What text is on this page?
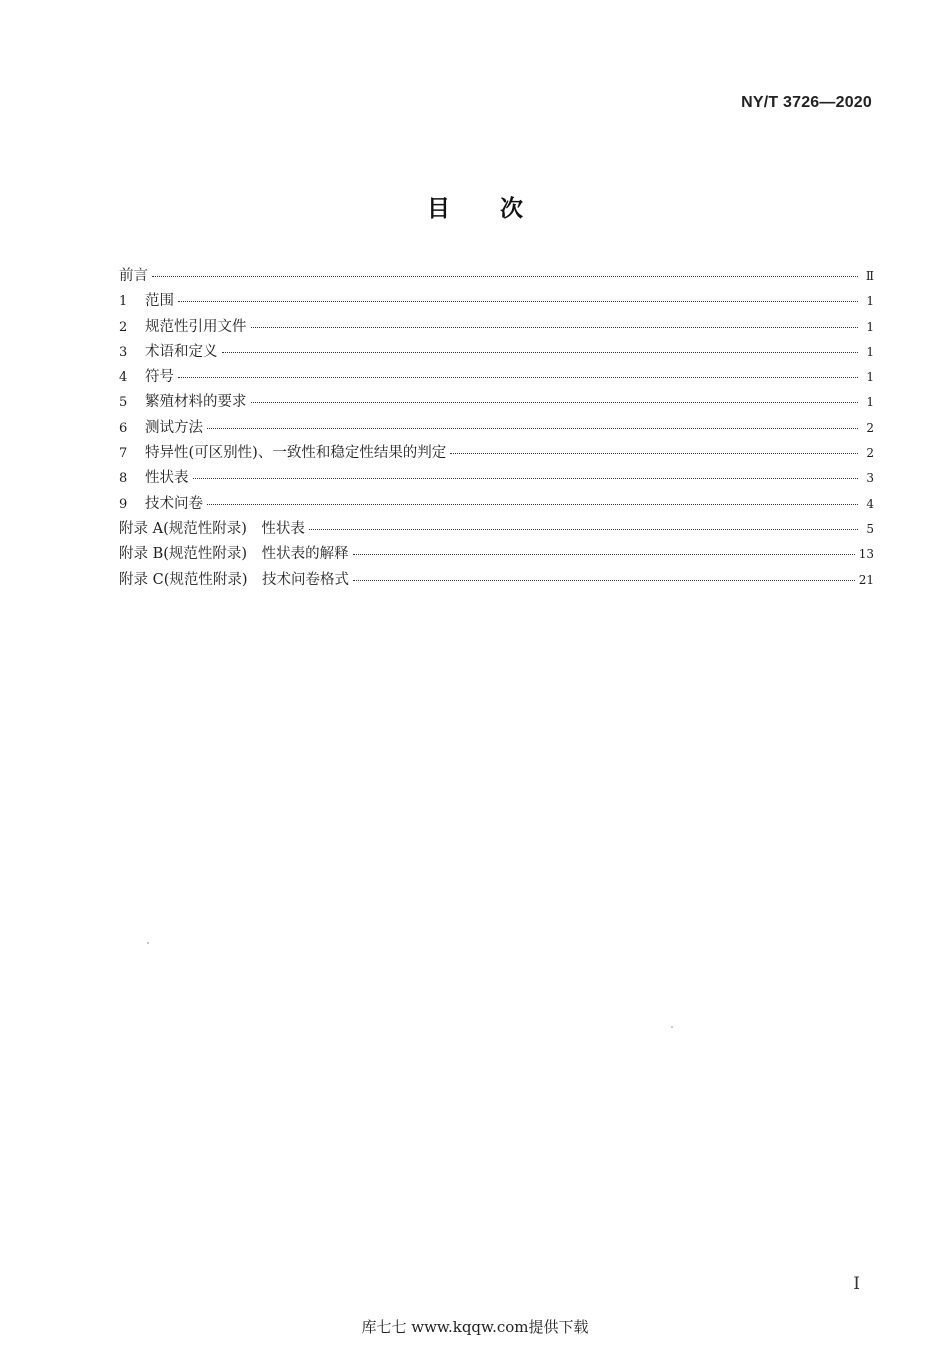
NY/T 3726—2020
目 次
前言	Ⅱ
1	范围	1
2	规范性引用文件	1
3	术语和定义	1
4	符号	1
5	繁殖材料的要求	1
6	测试方法	2
7	特异性(可区别性)、一致性和稳定性结果的判定	2
8	性状表	3
9	技术问卷	4
附录 A(规范性附录)　性状表	5
附录 B(规范性附录)　性状表的解释	13
附录 C(规范性附录)　技术问卷格式	21
I
库七七 www.kqqw.com提供下载
